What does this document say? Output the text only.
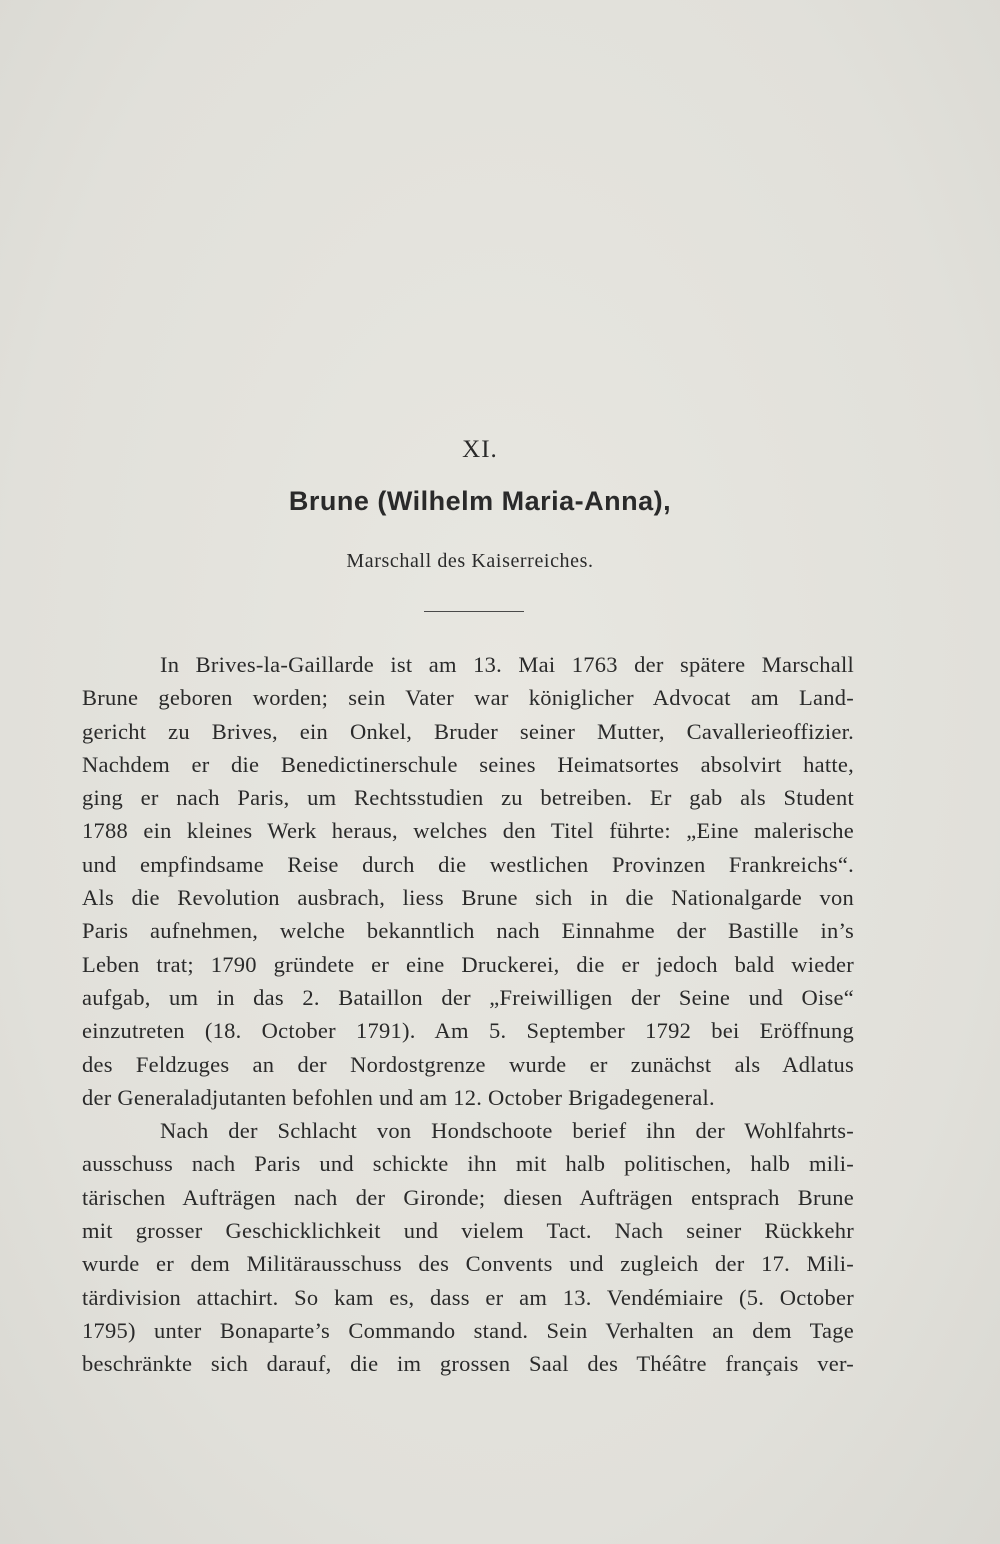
XI.
Brune (Wilhelm Maria-Anna),
Marschall des Kaiserreiches.
In Brives-la-Gaillarde ist am 13. Mai 1763 der spätere Marschall
Brune geboren worden; sein Vater war königlicher Advocat am Land-
gericht zu Brives, ein Onkel, Bruder seiner Mutter, Cavallerieoffizier.
Nachdem er die Benedictinerschule seines Heimatsortes absolvirt hatte,
ging er nach Paris, um Rechtsstudien zu betreiben. Er gab als Student
1788 ein kleines Werk heraus, welches den Titel führte: „Eine malerische
und empfindsame Reise durch die westlichen Provinzen Frankreichs“.
Als die Revolution ausbrach, liess Brune sich in die Nationalgarde von
Paris aufnehmen, welche bekanntlich nach Einnahme der Bastille in’s
Leben trat; 1790 gründete er eine Druckerei, die er jedoch bald wieder
aufgab, um in das 2. Bataillon der „Freiwilligen der Seine und Oise“
einzutreten (18. October 1791). Am 5. September 1792 bei Eröffnung
des Feldzuges an der Nordostgrenze wurde er zunächst als Adlatus
der Generaladjutanten befohlen und am 12. October Brigadegeneral.
Nach der Schlacht von Hondschoote berief ihn der Wohlfahrts-
ausschuss nach Paris und schickte ihn mit halb politischen, halb mili-
tärischen Aufträgen nach der Gironde; diesen Aufträgen entsprach Brune
mit grosser Geschicklichkeit und vielem Tact. Nach seiner Rückkehr
wurde er dem Militärausschuss des Convents und zugleich der 17. Mili-
tärdivision attachirt. So kam es, dass er am 13. Vendémiaire (5. October
1795) unter Bonaparte’s Commando stand. Sein Verhalten an dem Tage
beschränkte sich darauf, die im grossen Saal des Théâtre français ver-
